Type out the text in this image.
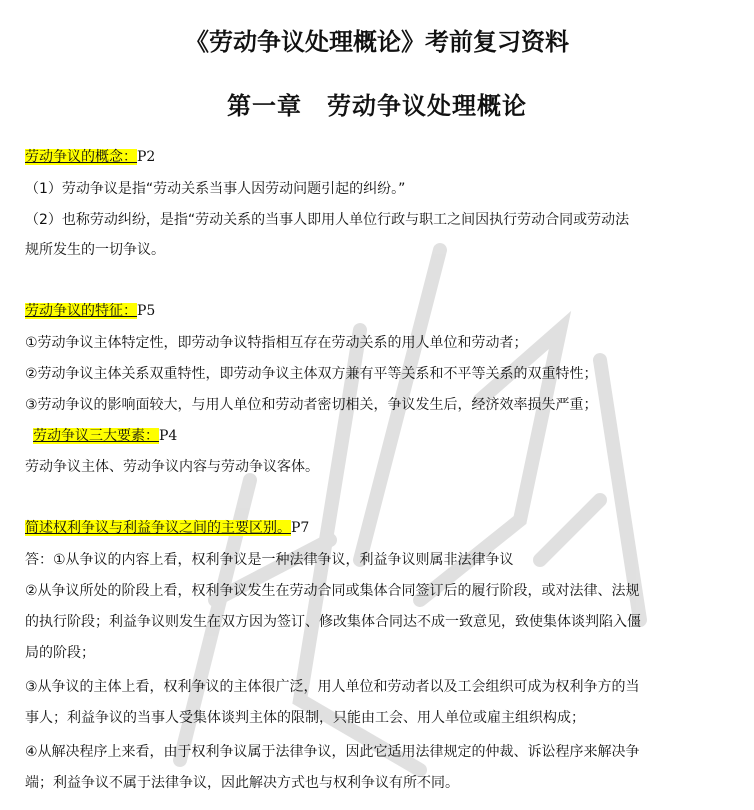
《劳动争议处理概论》考前复习资料
第一章　劳动争议处理概论
劳动争议的概念：P2
（1）劳动争议是指“劳动关系当事人因劳动问题引起的纠纷。”
（2）也称劳动纠纷，是指“劳动关系的当事人即用人单位行政与职工之间因执行劳动合同或劳动法
规所发生的一切争议。
劳动争议的特征：P5
①劳动争议主体特定性，即劳动争议特指相互存在劳动关系的用人单位和劳动者；
②劳动争议主体关系双重特性，即劳动争议主体双方兼有平等关系和不平等关系的双重特性；
③劳动争议的影响面较大，与用人单位和劳动者密切相关，争议发生后，经济效率损失严重；
劳动争议三大要素：P4
劳动争议主体、劳动争议内容与劳动争议客体。
简述权利争议与利益争议之间的主要区别。P7
答：①从争议的内容上看，权利争议是一种法律争议，利益争议则属非法律争议
②从争议所处的阶段上看，权利争议发生在劳动合同或集体合同签订后的履行阶段，或对法律、法规
的执行阶段；利益争议则发生在双方因为签订、修改集体合同达不成一致意见，致使集体谈判陷入僵
局的阶段；
③从争议的主体上看，权利争议的主体很广泛，用人单位和劳动者以及工会组织可成为权利争方的当
事人；利益争议的当事人受集体谈判主体的限制，只能由工会、用人单位或雇主组织构成；
④从解决程序上来看，由于权利争议属于法律争议，因此它适用法律规定的仲裁、诉讼程序来解决争
端；利益争议不属于法律争议，因此解决方式也与权利争议有所不同。
